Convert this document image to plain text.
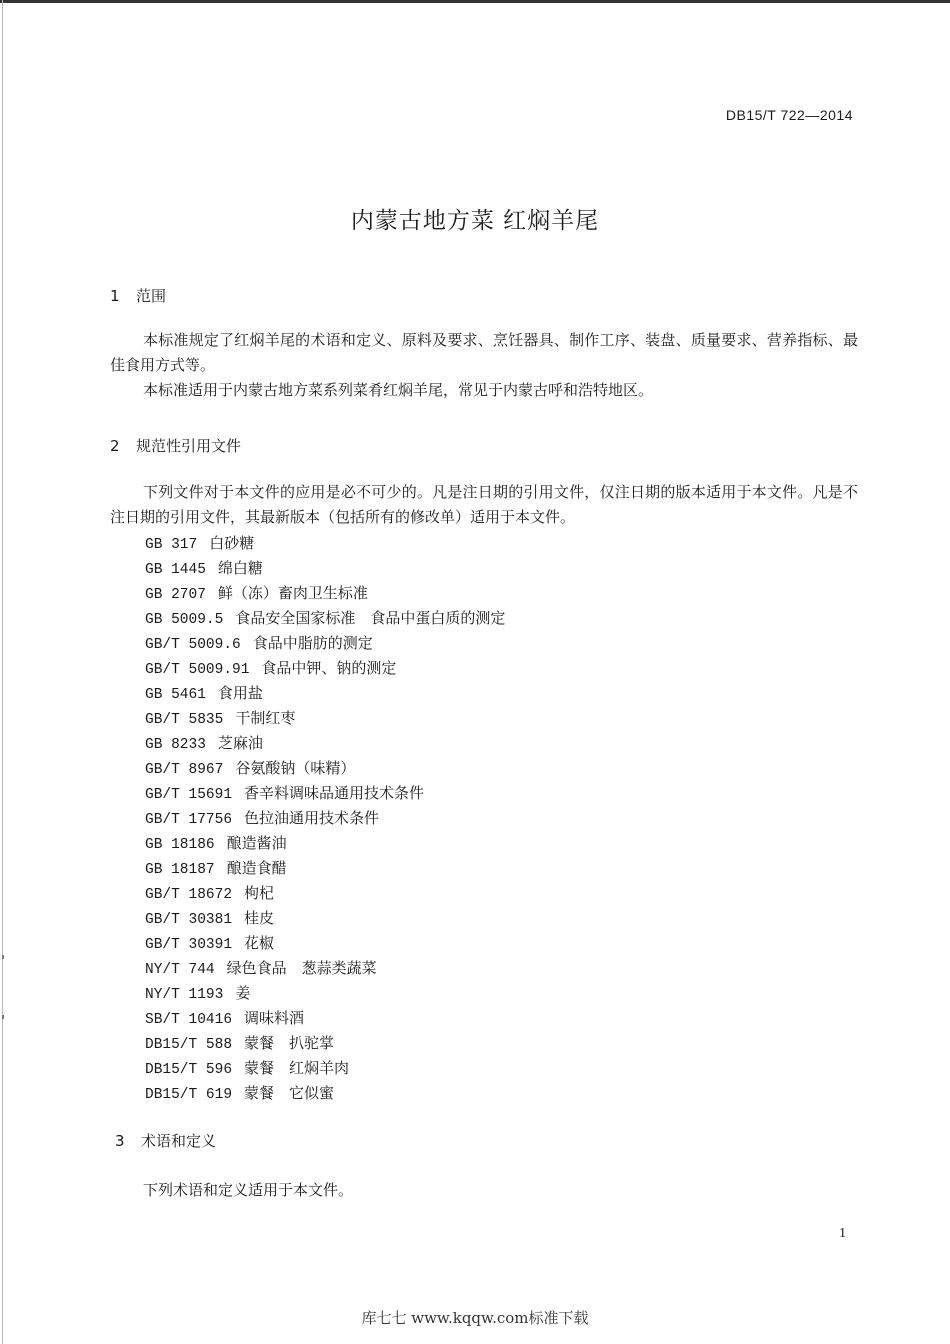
DB15/T 722—2014
内蒙古地方菜 红焖羊尾
1 范围

本标准规定了红焖羊尾的术语和定义、原料及要求、烹饪器具、制作工序、装盘、质量要求、营养指标、最佳食用方式等。

本标准适用于内蒙古地方菜系列菜肴红焖羊尾，常见于内蒙古呼和浩特地区。

2 规范性引用文件

下列文件对于本文件的应用是必不可少的。凡是注日期的引用文件，仅注日期的版本适用于本文件。凡是不注日期的引用文件，其最新版本（包括所有的修改单）适用于本文件。

GB 317 白砂糖
GB 1445 绵白糖
GB 2707 鲜（冻）畜肉卫生标准
GB 5009.5 食品安全国家标准　食品中蛋白质的测定
GB/T 5009.6 食品中脂肪的测定
GB/T 5009.91 食品中钾、钠的测定
GB 5461 食用盐
GB/T 5835 干制红枣
GB 8233 芝麻油
GB/T 8967 谷氨酸钠（味精）
GB/T 15691 香辛料调味品通用技术条件
GB/T 17756 色拉油通用技术条件
GB 18186 酿造酱油
GB 18187 酿造食醋
GB/T 18672 枸杞
GB/T 30381 桂皮
GB/T 30391 花椒
NY/T 744 绿色食品　葱蒜类蔬菜
NY/T 1193 姜
SB/T 10416 调味料酒
DB15/T 588 蒙餐　扒驼掌
DB15/T 596 蒙餐　红焖羊肉
DB15/T 619 蒙餐　它似蜜
3 术语和定义

下列术语和定义适用于本文件。

1
库七七 www.kqqw.com标准下载
